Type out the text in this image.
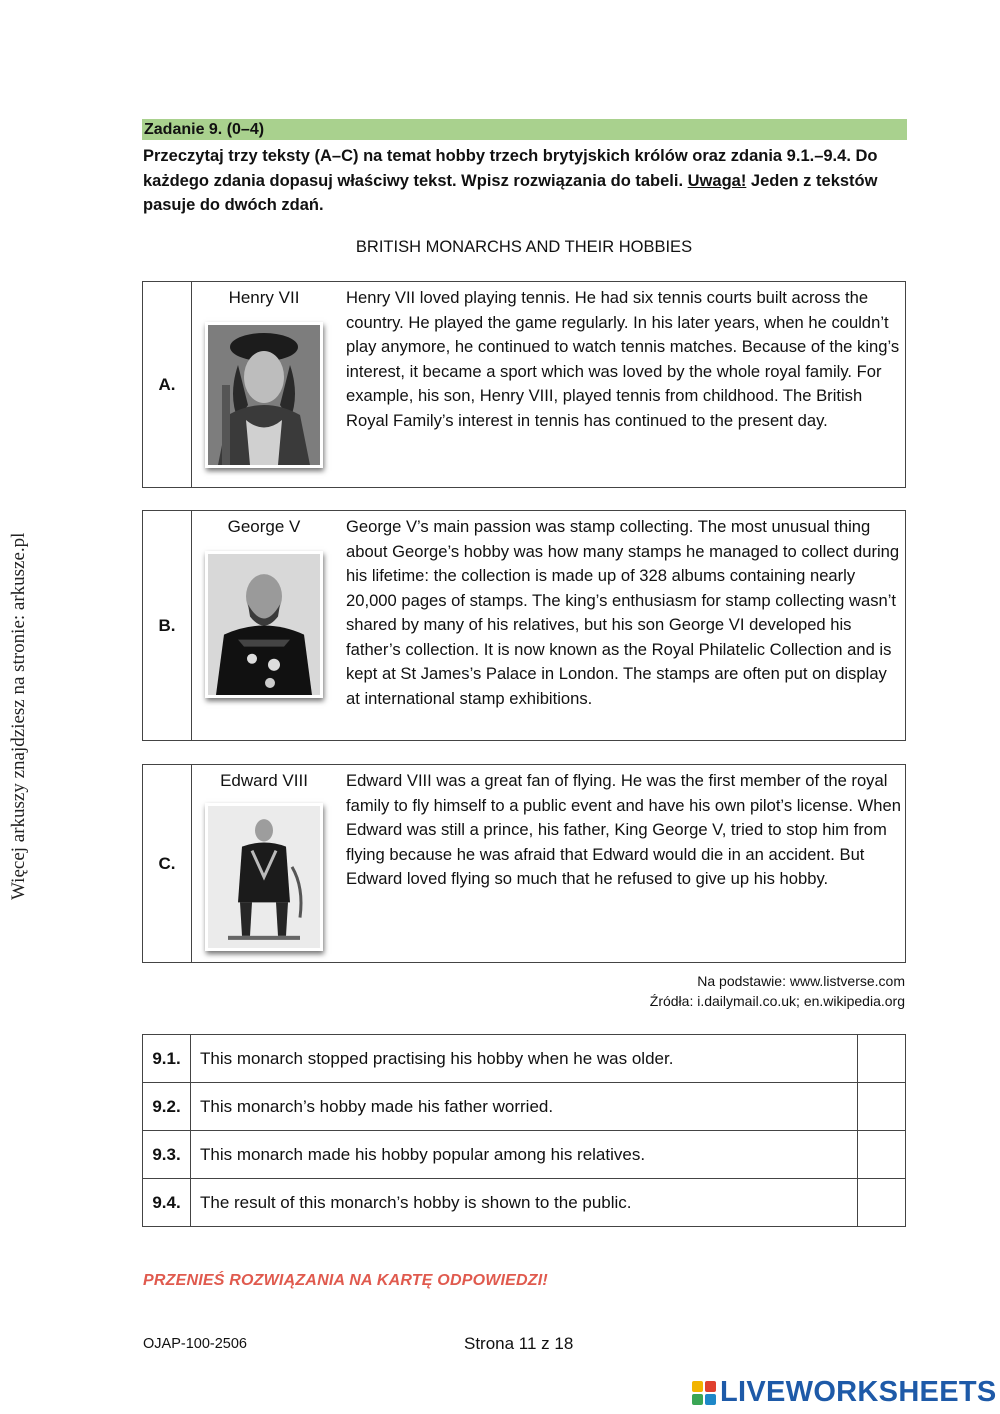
Więcej arkuszy znajdziesz na stronie: arkusze.pl
Zadanie 9. (0–4)
Przeczytaj trzy teksty (A–C) na temat hobby trzech brytyjskich królów oraz zdania 9.1.–9.4. Do każdego zdania dopasuj właściwy tekst. Wpisz rozwiązania do tabeli. Uwaga! Jeden z tekstów pasuje do dwóch zdań.
BRITISH MONARCHS AND THEIR HOBBIES
A.
Henry VII	Henry VII loved playing tennis. He had six tennis courts built across the country. He played the game regularly. In his later years, when he couldn’t play anymore, he continued to watch tennis matches. Because of the king’s interest, it became a sport which was loved by the whole royal family. For example, his son, Henry VIII, played tennis from childhood. The British Royal Family’s interest in tennis has continued to the present day.
B.
George V	George V’s main passion was stamp collecting. The most unusual thing about George’s hobby was how many stamps he managed to collect during his lifetime: the collection is made up of 328 albums containing nearly 20,000 pages of stamps. The king’s enthusiasm for stamp collecting wasn’t shared by many of his relatives, but his son George VI developed his father’s collection. It is now known as the Royal Philatelic Collection and is kept at St James’s Palace in London. The stamps are often put on display at international stamp exhibitions.
C.
Edward VIII	Edward VIII was a great fan of flying. He was the first member of the royal family to fly himself to a public event and have his own pilot’s license. When Edward was still a prince, his father, King George V, tried to stop him from flying because he was afraid that Edward would die in an accident. But Edward loved flying so much that he refused to give up his hobby.
Na podstawie: www.listverse.com
Źródła: i.dailymail.co.uk; en.wikipedia.org
9.1.	This monarch stopped practising his hobby when he was older.	
9.2.	This monarch’s hobby made his father worried.	
9.3.	This monarch made his hobby popular among his relatives.	
9.4.	The result of this monarch’s hobby is shown to the public.	
PRZENIEŚ ROZWIĄZANIA NA KARTĘ ODPOWIEDZI!
OJAP-100-2506	Strona 11 z 18
LIVEWORKSHEETS
